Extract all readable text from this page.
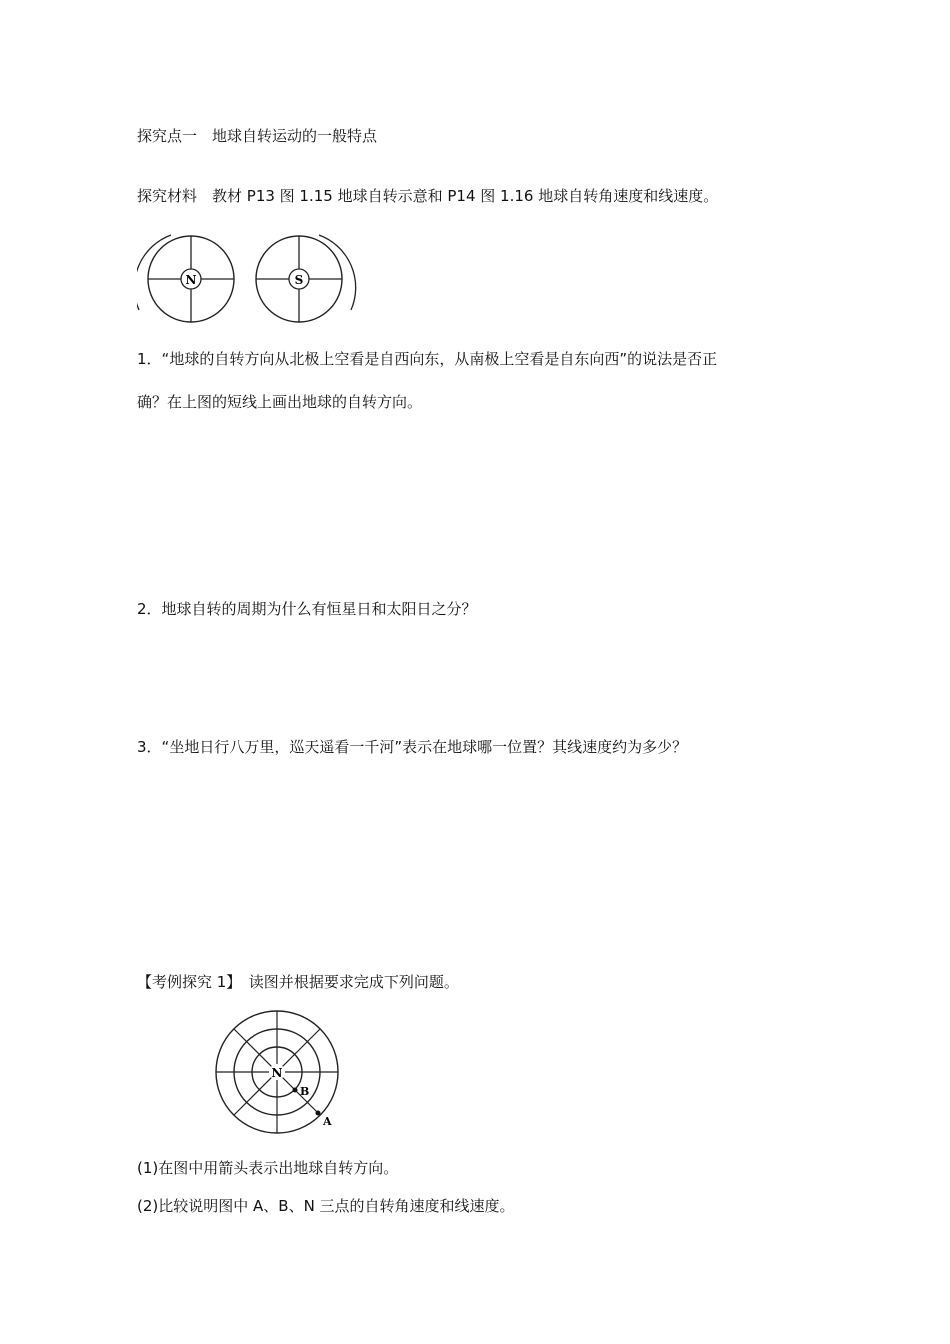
探究点一　地球自转运动的一般特点
探究材料　教材 P13 图 1.15 地球自转示意和 P14 图 1.16 地球自转角速度和线速度。
N	S
1．“地球的自转方向从北极上空看是自西向东，从南极上空看是自东向西”的说法是否正
确？在上图的短线上画出地球的自转方向。
2．地球自转的周期为什么有恒星日和太阳日之分？
3．“坐地日行八万里，巡天遥看一千河”表示在地球哪一位置？其线速度约为多少？
【考例探究 1】　读图并根据要求完成下列问题。
N
B
A
(1)在图中用箭头表示出地球自转方向。
(2)比较说明图中 A、B、N 三点的自转角速度和线速度。
